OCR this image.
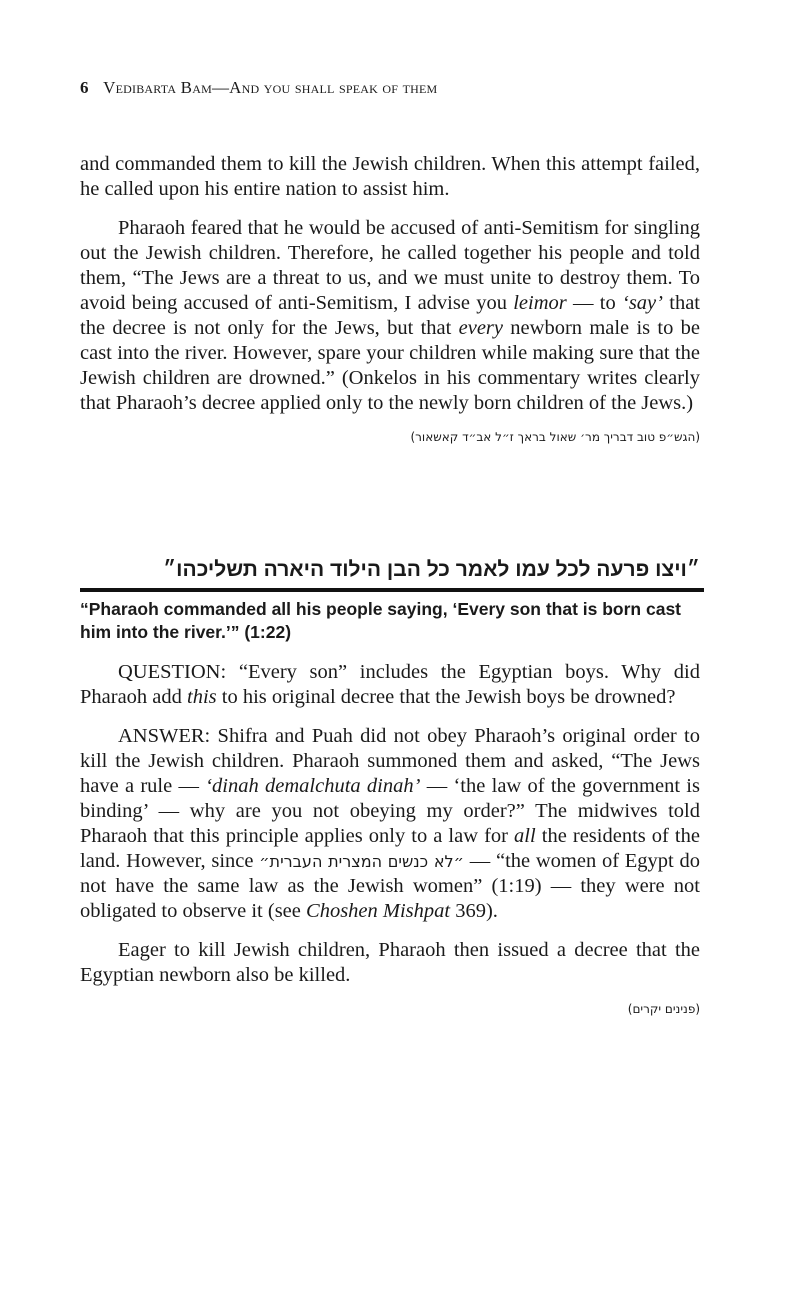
6 Vedibarta Bam—And you shall speak of them

and commanded them to kill the Jewish children. When this attempt failed, he called upon his entire nation to assist him.

Pharaoh feared that he would be accused of anti-Semitism for singling out the Jewish children. Therefore, he called together his people and told them, “The Jews are a threat to us, and we must unite to destroy them. To avoid being accused of anti-Semitism, I advise you leimor — to ‘say’ that the decree is not only for the Jews, but that every newborn male is to be cast into the river. However, spare your children while making sure that the Jewish children are drowned.” (Onkelos in his commentary writes clearly that Pharaoh’s decree applied only to the newly born children of the Jews.)

(הגש״פ טוב דבריך מר׳ שאול בראך ז״ל אב״ד קאשאור)
״ויצו פרעה לכל עמו לאמר כל הבן הילוד היארה תשליכהו״
“Pharaoh commanded all his people saying, ‘Every son that is born cast him into the river.’” (1:22)

QUESTION: “Every son” includes the Egyptian boys. Why did Pharaoh add this to his original decree that the Jewish boys be drowned?

ANSWER: Shifra and Puah did not obey Pharaoh’s original order to kill the Jewish children. Pharaoh summoned them and asked, “The Jews have a rule — ‘dinah demalchuta dinah’ — ‘the law of the government is binding’ — why are you not obeying my order?” The midwives told Pharaoh that this principle applies only to a law for all the residents of the land. However, since ״לא כנשים המצרית העברית״ — “the women of Egypt do not have the same law as the Jewish women” (1:19) — they were not obligated to observe it (see Choshen Mishpat 369).

Eager to kill Jewish children, Pharaoh then issued a decree that the Egyptian newborn also be killed.

(פנינים יקרים)
